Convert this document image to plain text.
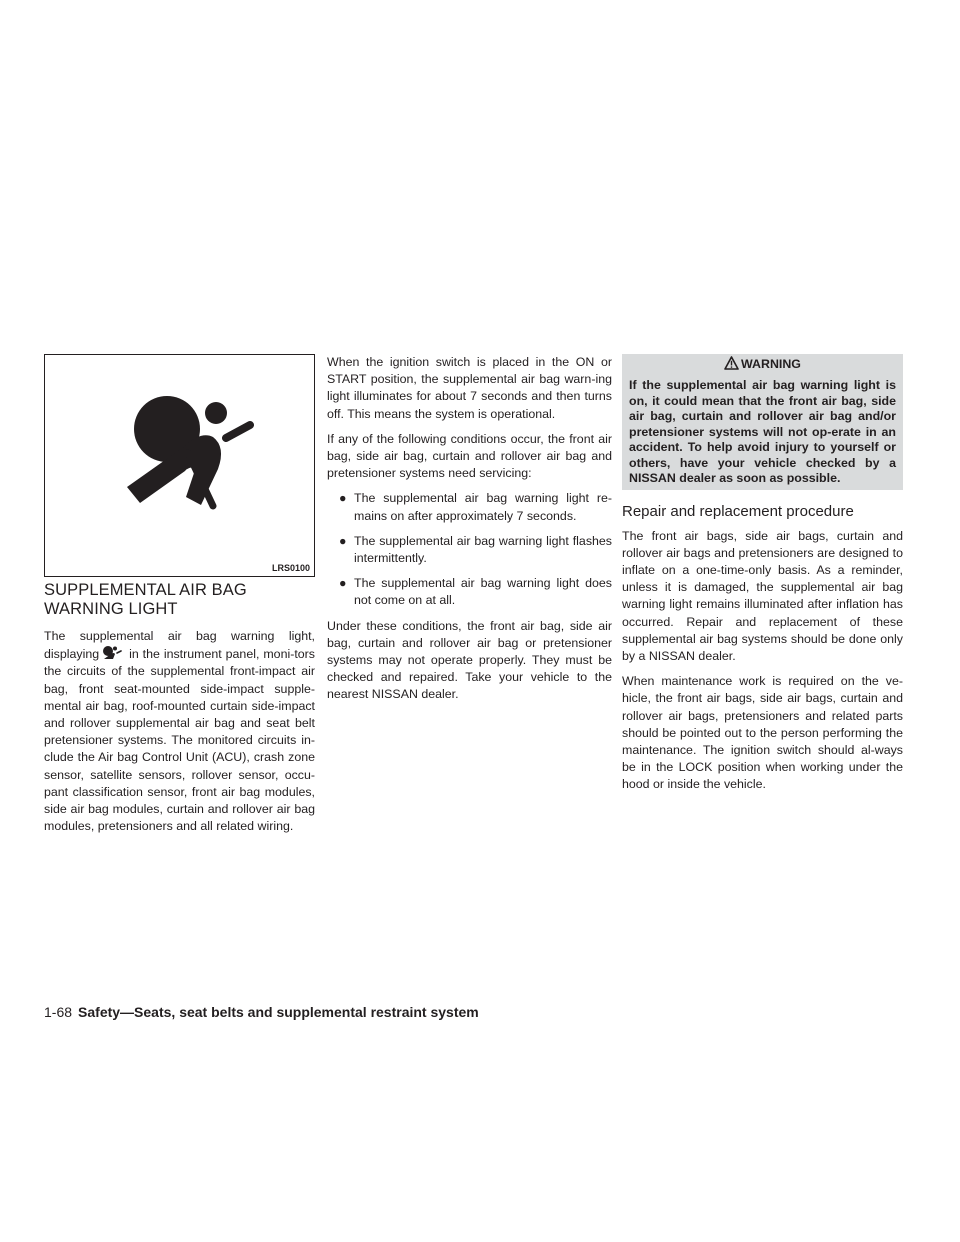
LRS0100
SUPPLEMENTAL AIR BAG
WARNING LIGHT

The supplemental air bag warning light, displaying in the instrument panel, moni-tors the circuits of the supplemental front-impact air bag, front seat-mounted side-impact supple-mental air bag, roof-mounted curtain side-impact and rollover supplemental air bag and seat belt pretensioner systems. The monitored circuits in-clude the Air bag Control Unit (ACU), crash zone sensor, satellite sensors, rollover sensor, occu-pant classification sensor, front air bag modules, side air bag modules, curtain and rollover air bag modules, pretensioners and all related wiring.

When the ignition switch is placed in the ON or START position, the supplemental air bag warn-ing light illuminates for about 7 seconds and then turns off. This means the system is operational.

If any of the following conditions occur, the front air bag, side air bag, curtain and rollover air bag and pretensioner systems need servicing:

● The supplemental air bag warning light re-mains on after approximately 7 seconds.
● The supplemental air bag warning light flashes intermittently.
● The supplemental air bag warning light does not come on at all.

Under these conditions, the front air bag, side air bag, curtain and rollover air bag or pretensioner systems may not operate properly. They must be checked and repaired. Take your vehicle to the nearest NISSAN dealer.

WARNING
If the supplemental air bag warning light is on, it could mean that the front air bag, side air bag, curtain and rollover air bag and/or pretensioner systems will not op-erate in an accident. To help avoid injury to yourself or others, have your vehicle checked by a NISSAN dealer as soon as possible.
Repair and replacement procedure

The front air bags, side air bags, curtain and rollover air bags and pretensioners are designed to inflate on a one-time-only basis. As a reminder, unless it is damaged, the supplemental air bag warning light remains illuminated after inflation has occurred. Repair and replacement of these supplemental air bag systems should be done only by a NISSAN dealer.

When maintenance work is required on the ve-hicle, the front air bags, side air bags, curtain and rollover air bags, pretensioners and related parts should be pointed out to the person performing the maintenance. The ignition switch should al-ways be in the LOCK position when working under the hood or inside the vehicle.

1-68 Safety—Seats, seat belts and supplemental restraint system
